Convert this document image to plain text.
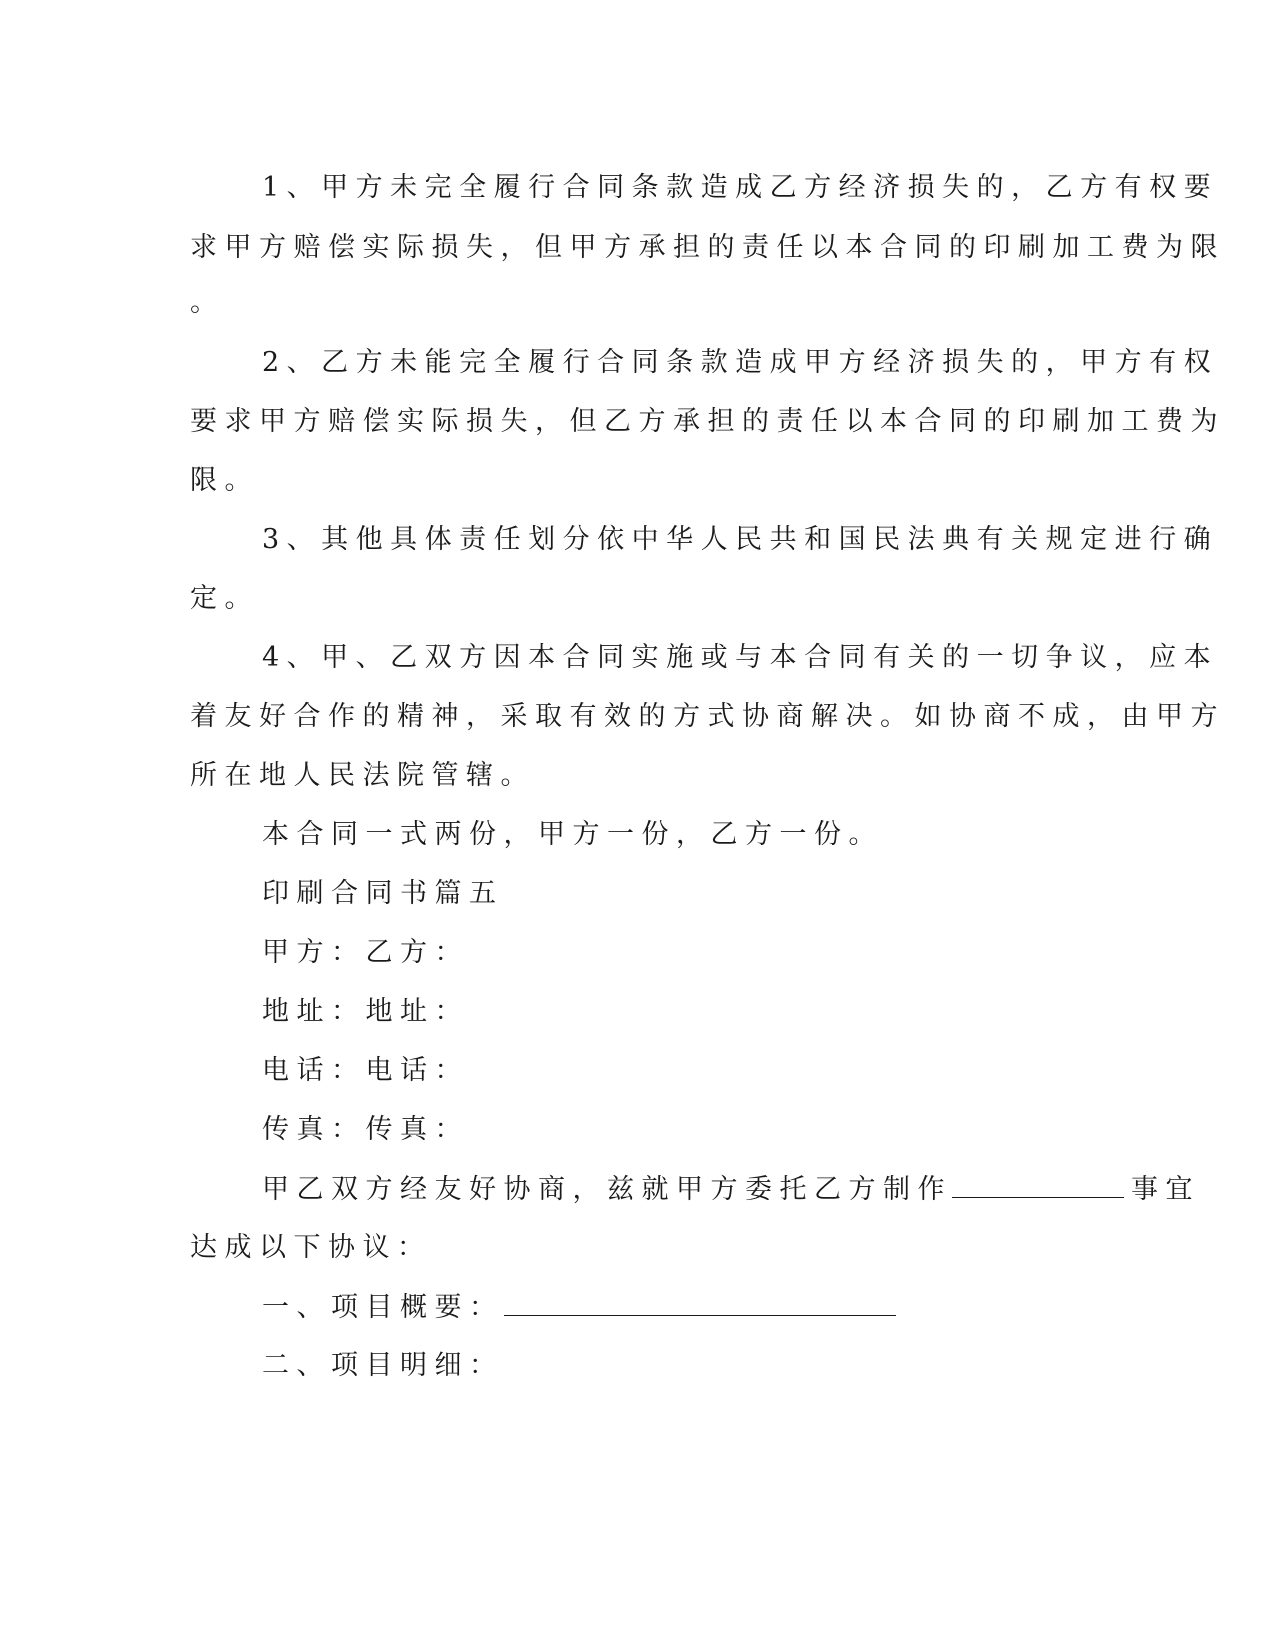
1、甲方未完全履行合同条款造成乙方经济损失的，乙方有权要
求甲方赔偿实际损失，但甲方承担的责任以本合同的印刷加工费为限
。
2、乙方未能完全履行合同条款造成甲方经济损失的，甲方有权
要求甲方赔偿实际损失，但乙方承担的责任以本合同的印刷加工费为
限。
3、其他具体责任划分依中华人民共和国民法典有关规定进行确
定。
4、甲、乙双方因本合同实施或与本合同有关的一切争议，应本
着友好合作的精神，采取有效的方式协商解决。如协商不成，由甲方
所在地人民法院管辖。
本合同一式两份，甲方一份，乙方一份。
印刷合同书篇五
甲方：乙方：
地址：地址：
电话：电话：
传真：传真：
甲乙双方经友好协商，兹就甲方委托乙方制作	事宜
达成以下协议：
一、项目概要：
二、项目明细：
